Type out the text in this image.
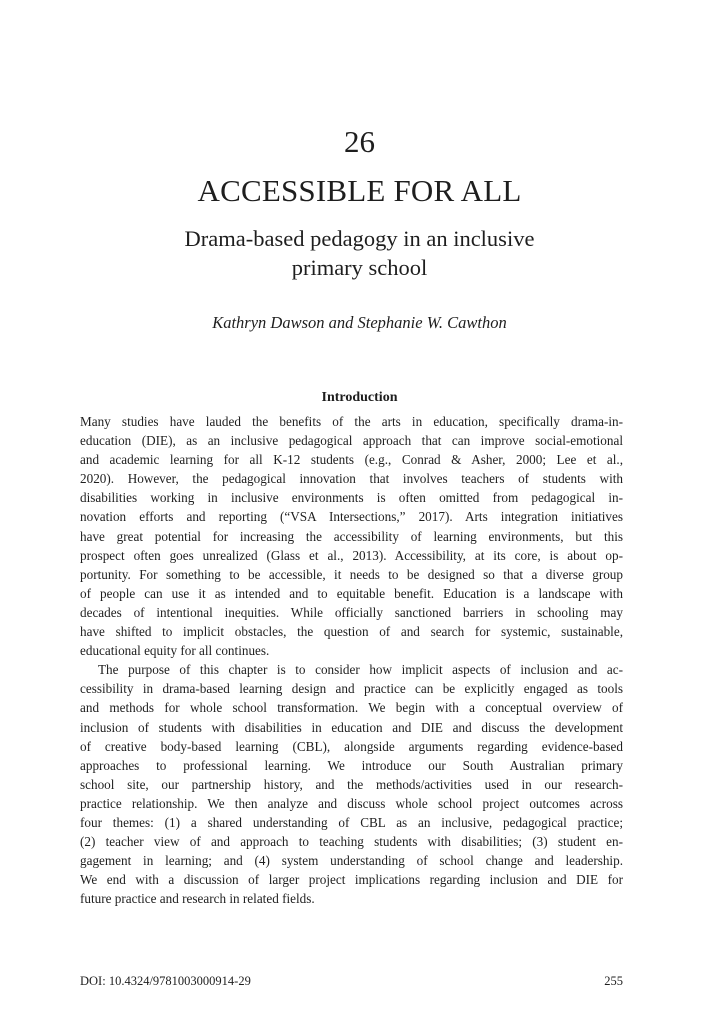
26
ACCESSIBLE FOR ALL
Drama-based pedagogy in an inclusive
primary school
Kathryn Dawson and Stephanie W. Cawthon
Introduction
Many studies have lauded the benefits of the arts in education, specifically drama-in-
education (DIE), as an inclusive pedagogical approach that can improve social-emotional
and academic learning for all K-12 students (e.g., Conrad & Asher, 2000; Lee et al.,
2020). However, the pedagogical innovation that involves teachers of students with
disabilities working in inclusive environments is often omitted from pedagogical in-
novation efforts and reporting (“VSA Intersections,” 2017). Arts integration initiatives
have great potential for increasing the accessibility of learning environments, but this
prospect often goes unrealized (Glass et al., 2013). Accessibility, at its core, is about op-
portunity. For something to be accessible, it needs to be designed so that a diverse group
of people can use it as intended and to equitable benefit. Education is a landscape with
decades of intentional inequities. While officially sanctioned barriers in schooling may
have shifted to implicit obstacles, the question of and search for systemic, sustainable,
educational equity for all continues.
The purpose of this chapter is to consider how implicit aspects of inclusion and ac-
cessibility in drama-based learning design and practice can be explicitly engaged as tools
and methods for whole school transformation. We begin with a conceptual overview of
inclusion of students with disabilities in education and DIE and discuss the development
of creative body-based learning (CBL), alongside arguments regarding evidence-based
approaches to professional learning. We introduce our South Australian primary
school site, our partnership history, and the methods/activities used in our research-
practice relationship. We then analyze and discuss whole school project outcomes across
four themes: (1) a shared understanding of CBL as an inclusive, pedagogical practice;
(2) teacher view of and approach to teaching students with disabilities; (3) student en-
gagement in learning; and (4) system understanding of school change and leadership.
We end with a discussion of larger project implications regarding inclusion and DIE for
future practice and research in related fields.
DOI: 10.4324/9781003000914-29	255
